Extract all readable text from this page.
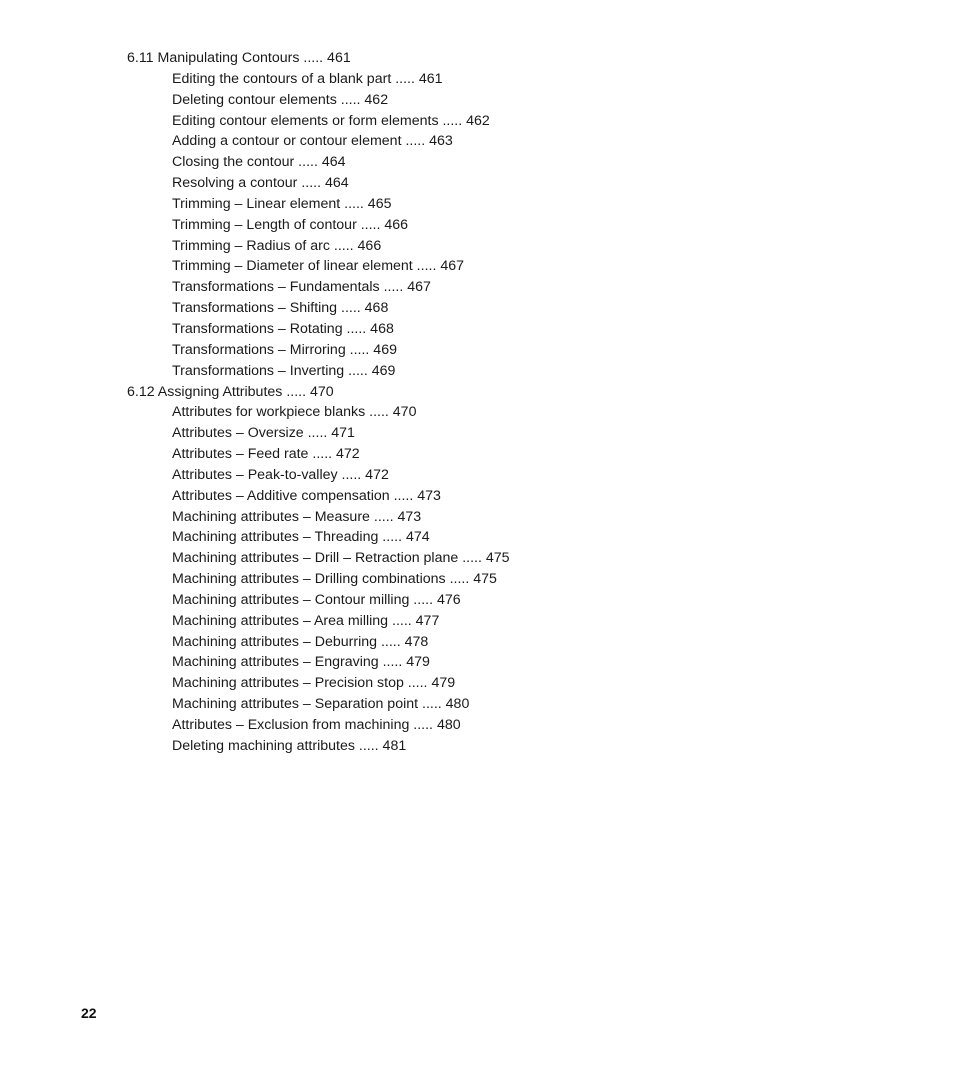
6.11 Manipulating Contours ..... 461
Editing the contours of a blank part ..... 461
Deleting contour elements ..... 462
Editing contour elements or form elements ..... 462
Adding a contour or contour element ..... 463
Closing the contour ..... 464
Resolving a contour ..... 464
Trimming – Linear element ..... 465
Trimming – Length of contour ..... 466
Trimming – Radius of arc ..... 466
Trimming – Diameter of linear element ..... 467
Transformations – Fundamentals ..... 467
Transformations – Shifting ..... 468
Transformations – Rotating ..... 468
Transformations – Mirroring ..... 469
Transformations – Inverting ..... 469
6.12 Assigning Attributes ..... 470
Attributes for workpiece blanks ..... 470
Attributes – Oversize ..... 471
Attributes – Feed rate ..... 472
Attributes – Peak-to-valley ..... 472
Attributes – Additive compensation ..... 473
Machining attributes – Measure ..... 473
Machining attributes – Threading ..... 474
Machining attributes – Drill – Retraction plane ..... 475
Machining attributes – Drilling combinations ..... 475
Machining attributes – Contour milling ..... 476
Machining attributes – Area milling ..... 477
Machining attributes – Deburring ..... 478
Machining attributes – Engraving ..... 479
Machining attributes – Precision stop ..... 479
Machining attributes – Separation point ..... 480
Attributes – Exclusion from machining ..... 480
Deleting machining attributes ..... 481
22
